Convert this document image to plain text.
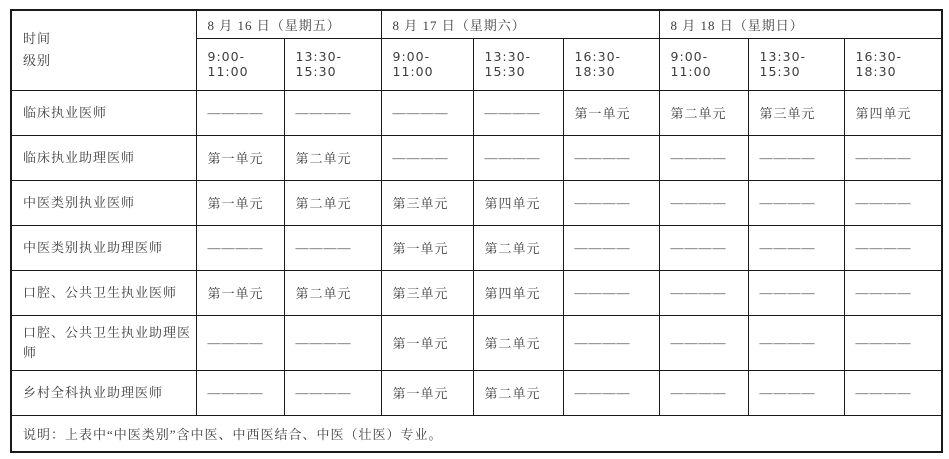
时间
级别	8 月 16 日（星期五）		8 月 17 日（星期六）			8 月 18 日（星期日）		
	9:00-11:00	13:30-15:30	9:00-11:00	13:30-15:30	16:30-18:30	9:00-11:00	13:30-15:30	16:30-18:30
临床执业医师	————	————	————	————	第一单元	第二单元	第三单元	第四单元
临床执业助理医师	第一单元	第二单元	————	————	————	————	————	————
中医类别执业医师	第一单元	第二单元	第三单元	第四单元	————	————	————	————
中医类别执业助理医师	————	————	第一单元	第二单元	————	————	————	————
口腔、公共卫生执业医师	第一单元	第二单元	第三单元	第四单元	————	————	————	————
口腔、公共卫生执业助理医师	————	————	第一单元	第二单元	————	————	————	————
乡村全科执业助理医师	————	————	第一单元	第二单元	————	————	————	————
说明：上表中“中医类别”含中医、中西医结合、中医（壮医）专业。								
